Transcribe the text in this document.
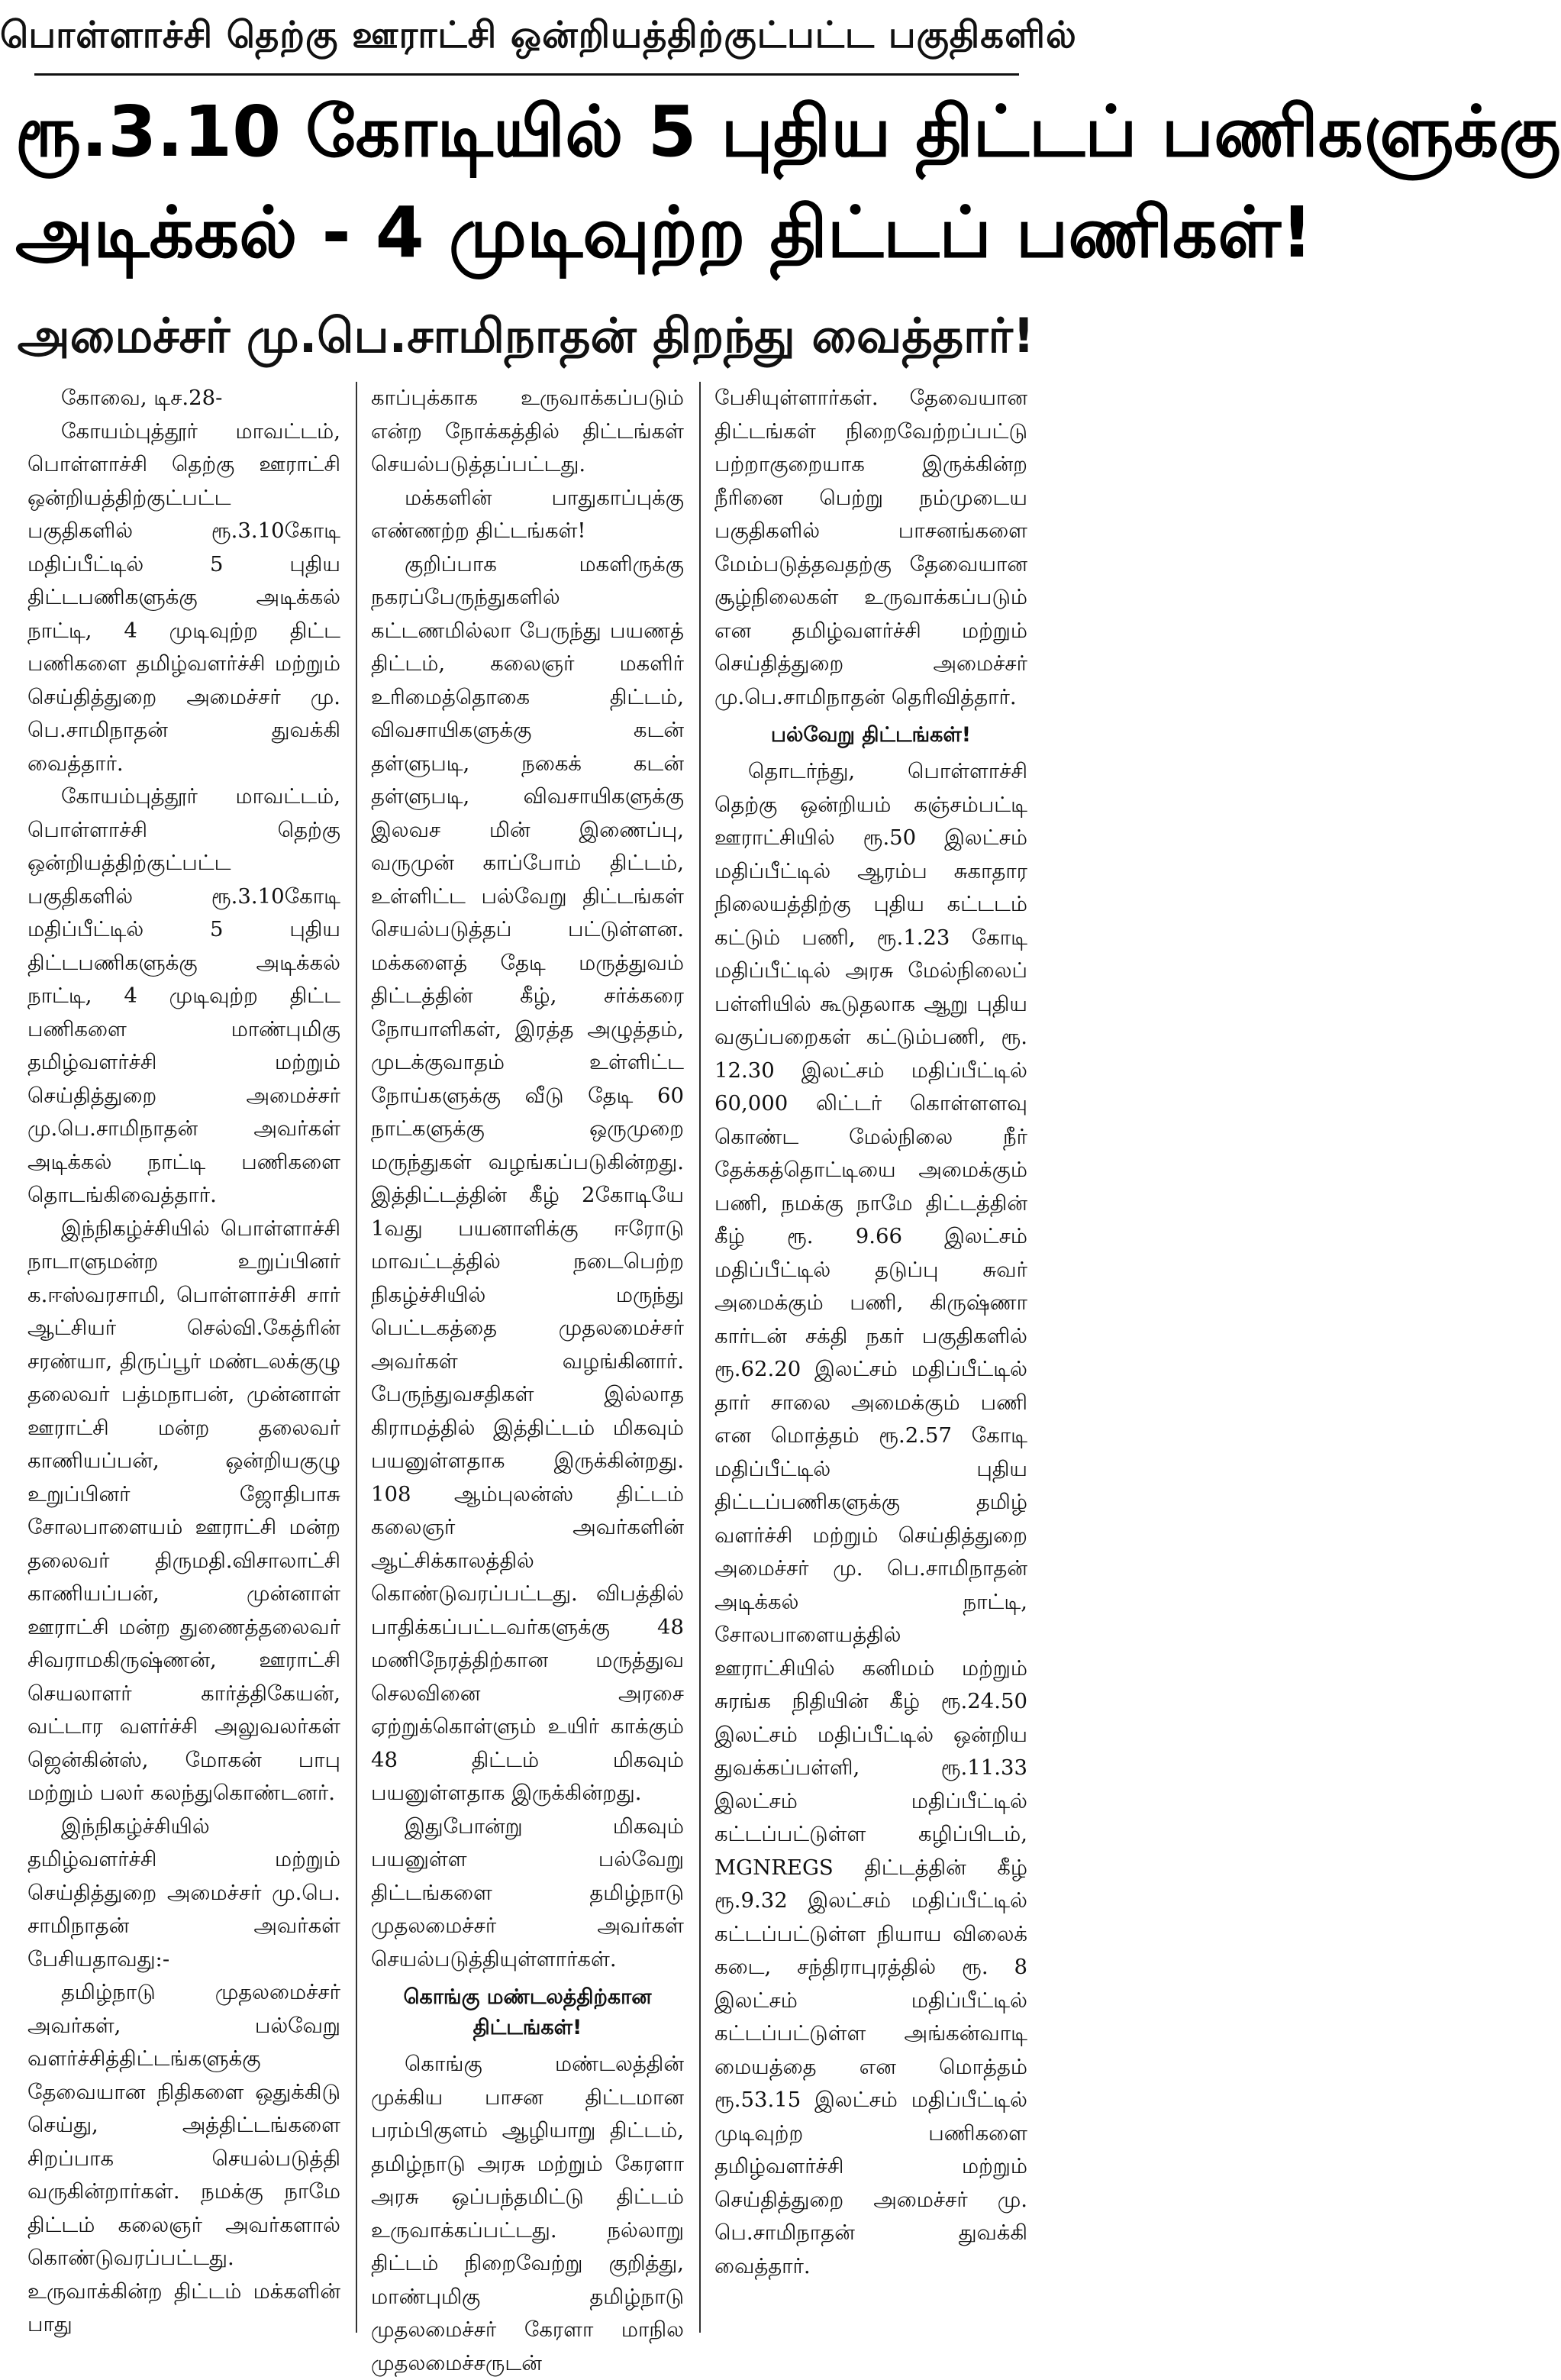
பொள்ளாச்சி தெற்கு ஊராட்சி ஒன்றியத்திற்குட்பட்ட பகுதிகளில்
ரூ.3.10 கோடியில் 5 புதிய திட்டப் பணிகளுக்கு
அடிக்கல் - 4 முடிவுற்ற திட்டப் பணிகள்!
அமைச்சர் மு.பெ.சாமிநாதன் திறந்து வைத்தார்!

கோவை, டிச.28-

கோயம்புத்தூர் மாவட்டம், பொள்ளாச்சி தெற்கு ஊராட்சி ஒன்றியத்திற்குட்பட்ட பகுதிகளில் ரூ.3.10கோடி மதிப்பீட்டில் 5 புதிய திட்டபணிகளுக்கு அடிக்கல் நாட்டி, 4 முடிவுற்ற திட்ட பணிகளை தமிழ்வளர்ச்சி மற்றும் செய்தித்துறை அமைச்சர் மு. பெ.சாமிநாதன் துவக்கி வைத்தார்.

கோயம்புத்தூர் மாவட்டம், பொள்ளாச்சி தெற்கு ஒன்றியத்திற்குட்பட்ட பகுதிகளில் ரூ.3.10கோடி மதிப்பீட்டில் 5 புதிய திட்டபணிகளுக்கு அடிக்கல் நாட்டி, 4 முடிவுற்ற திட்ட பணிகளை மாண்புமிகு தமிழ்வளர்ச்சி மற்றும் செய்தித்துறை அமைச்சர் மு.பெ.சாமிநாதன் அவர்கள் அடிக்கல் நாட்டி பணிகளை தொடங்கிவைத்தார்.

இந்நிகழ்ச்சியில் பொள்ளாச்சி நாடாளுமன்ற உறுப்பினர் க.ஈஸ்வரசாமி, பொள்ளாச்சி சார் ஆட்சியர் செல்வி.கேத்ரின் சரண்யா, திருப்பூர் மண்டலக்குழு தலைவர் பத்மநாபன், முன்னாள் ஊராட்சி மன்ற தலைவர் காணியப்பன், ஒன்றியகுழு உறுப்பினர் ஜோதிபாசு சோலபாளையம் ஊராட்சி மன்ற தலைவர் திருமதி.விசாலாட்சி காணியப்பன், முன்னாள் ஊராட்சி மன்ற துணைத்தலைவர் சிவராமகிருஷ்ணன், ஊராட்சி செயலாளர் கார்த்திகேயன், வட்டார வளர்ச்சி அலுவலர்கள் ஜென்கின்ஸ், மோகன் பாபு மற்றும் பலர் கலந்துகொண்டனர்.

இந்நிகழ்ச்சியில் தமிழ்வளர்ச்சி மற்றும் செய்தித்துறை அமைச்சர் மு.பெ. சாமிநாதன் அவர்கள் பேசியதாவது:-

தமிழ்நாடு முதலமைச்சர் அவர்கள், பல்வேறு வளர்ச்சித்திட்டங்களுக்கு தேவையான நிதிகளை ஒதுக்கிடு செய்து, அத்திட்டங்களை சிறப்பாக செயல்படுத்தி வருகின்றார்கள். நமக்கு நாமே திட்டம் கலைஞர் அவர்களால் கொண்டுவரப்பட்டது. உருவாக்கின்ற திட்டம் மக்களின் பாது

காப்புக்காக உருவாக்கப்படும் என்ற நோக்கத்தில் திட்டங்கள் செயல்படுத்தப்பட்டது.

மக்களின் பாதுகாப்புக்கு எண்ணற்ற திட்டங்கள்!

குறிப்பாக மகளிருக்கு நகரப்பேருந்துகளில் கட்டணமில்லா பேருந்து பயணத் திட்டம், கலைஞர் மகளிர் உரிமைத்தொகை திட்டம், விவசாயிகளுக்கு கடன் தள்ளுபடி, நகைக் கடன் தள்ளுபடி, விவசாயிகளுக்கு இலவச மின் இணைப்பு, வருமுன் காப்போம் திட்டம், உள்ளிட்ட பல்வேறு திட்டங்கள் செயல்படுத்தப் பட்டுள்ளன. மக்களைத் தேடி மருத்துவம் திட்டத்தின் கீழ், சர்க்கரை நோயாளிகள், இரத்த அழுத்தம், முடக்குவாதம் உள்ளிட்ட நோய்களுக்கு வீடு தேடி 60 நாட்களுக்கு ஒருமுறை மருந்துகள் வழங்கப்படுகின்றது. இத்திட்டத்தின் கீழ் 2கோடியே 1வது பயனாளிக்கு ஈரோடு மாவட்டத்தில் நடைபெற்ற நிகழ்ச்சியில் மருந்து பெட்டகத்தை முதலமைச்சர் அவர்கள் வழங்கினார். பேருந்துவசதிகள் இல்லாத கிராமத்தில் இத்திட்டம் மிகவும் பயனுள்ளதாக இருக்கின்றது. 108 ஆம்புலன்ஸ் திட்டம் கலைஞர் அவர்களின் ஆட்சிக்காலத்தில் கொண்டுவரப்பட்டது. விபத்தில் பாதிக்கப்பட்டவர்களுக்கு 48 மணிநேரத்திற்கான மருத்துவ செலவினை அரசை ஏற்றுக்கொள்ளும் உயிர் காக்கும் 48 திட்டம் மிகவும் பயனுள்ளதாக இருக்கின்றது.

இதுபோன்று மிகவும் பயனுள்ள பல்வேறு திட்டங்களை தமிழ்நாடு முதலமைச்சர் அவர்கள் செயல்படுத்தியுள்ளார்கள்.

கொங்கு மண்டலத்திற்கான திட்டங்கள்!

கொங்கு மண்டலத்தின் முக்கிய பாசன திட்டமான பரம்பிகுளம் ஆழியாறு திட்டம், தமிழ்நாடு அரசு மற்றும் கேரளா அரசு ஒப்பந்தமிட்டு திட்டம் உருவாக்கப்பட்டது. நல்லாறு திட்டம் நிறைவேற்று குறித்து, மாண்புமிகு தமிழ்நாடு முதலமைச்சர் கேரளா மாநில முதலமைச்சருடன்

பேசியுள்ளார்கள். தேவையான திட்டங்கள் நிறைவேற்றப்பட்டு பற்றாகுறையாக இருக்கின்ற நீரினை பெற்று நம்முடைய பகுதிகளில் பாசனங்களை மேம்படுத்தவதற்கு தேவையான சூழ்நிலைகள் உருவாக்கப்படும் என தமிழ்வளர்ச்சி மற்றும் செய்தித்துறை அமைச்சர் மு.பெ.சாமிநாதன் தெரிவித்தார்.

பல்வேறு திட்டங்கள்!

தொடர்ந்து, பொள்ளாச்சி தெற்கு ஒன்றியம் கஞ்சம்பட்டி ஊராட்சியில் ரூ.50 இலட்சம் மதிப்பீட்டில் ஆரம்ப சுகாதார நிலையத்திற்கு புதிய கட்டடம் கட்டும் பணி, ரூ.1.23 கோடி மதிப்பீட்டில் அரசு மேல்நிலைப் பள்ளியில் கூடுதலாக ஆறு புதிய வகுப்பறைகள் கட்டும்பணி, ரூ. 12.30 இலட்சம் மதிப்பீட்டில் 60,000 லிட்டர் கொள்ளளவு கொண்ட மேல்நிலை நீர் தேக்கத்தொட்டியை அமைக்கும் பணி, நமக்கு நாமே திட்டத்தின் கீழ் ரூ. 9.66 இலட்சம் மதிப்பீட்டில் தடுப்பு சுவர் அமைக்கும் பணி, கிருஷ்ணா கார்டன் சக்தி நகர் பகுதிகளில் ரூ.62.20 இலட்சம் மதிப்பீட்டில் தார் சாலை அமைக்கும் பணி என மொத்தம் ரூ.2.57 கோடி மதிப்பீட்டில் புதிய திட்டப்பணிகளுக்கு தமிழ் வளர்ச்சி மற்றும் செய்தித்துறை அமைச்சர் மு. பெ.சாமிநாதன் அடிக்கல் நாட்டி, சோலபாளையத்தில் ஊராட்சியில் கனிமம் மற்றும் சுரங்க நிதியின் கீழ் ரூ.24.50 இலட்சம் மதிப்பீட்டில் ஒன்றிய துவக்கப்பள்ளி, ரூ.11.33 இலட்சம் மதிப்பீட்டில் கட்டப்பட்டுள்ள கழிப்பிடம், MGNREGS திட்டத்தின் கீழ் ரூ.9.32 இலட்சம் மதிப்பீட்டில் கட்டப்பட்டுள்ள நியாய விலைக் கடை, சந்திராபுரத்தில் ரூ. 8 இலட்சம் மதிப்பீட்டில் கட்டப்பட்டுள்ள அங்கன்வாடி மையத்தை என மொத்தம் ரூ.53.15 இலட்சம் மதிப்பீட்டில் முடிவுற்ற பணிகளை தமிழ்வளர்ச்சி மற்றும் செய்தித்துறை அமைச்சர் மு. பெ.சாமிநாதன் துவக்கி வைத்தார்.
